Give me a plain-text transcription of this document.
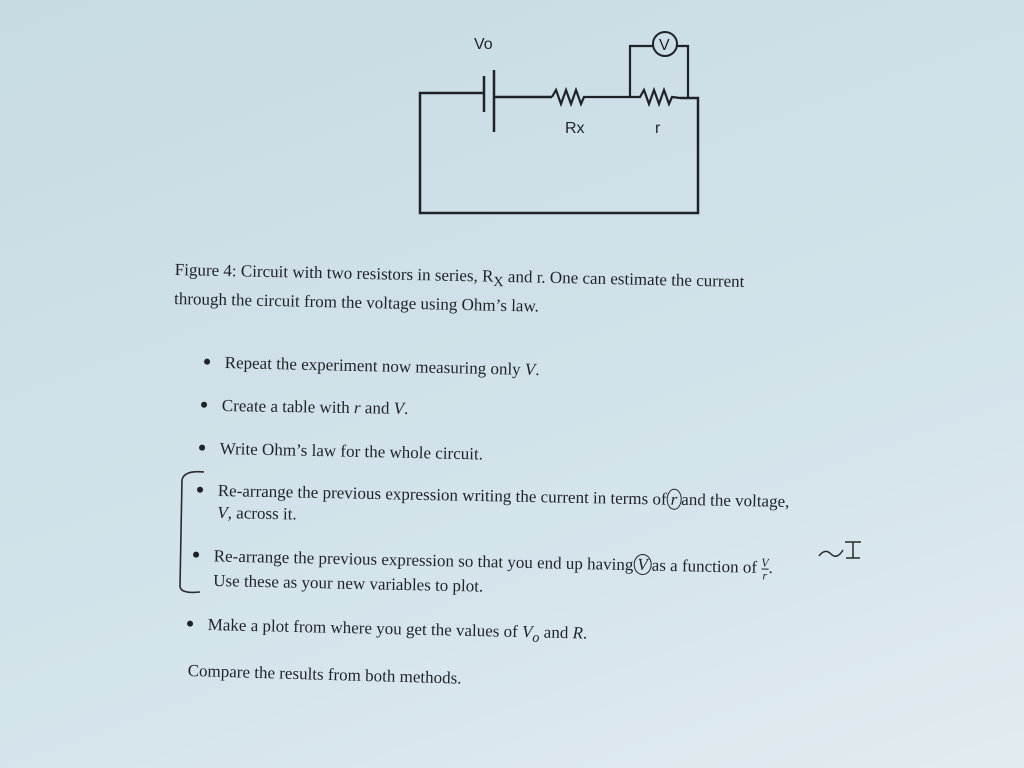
V
Vo
Rx	r
Figure 4: Circuit with two resistors in series, $R_X$ and r. One can estimate the current
through the circuit from the voltage using Ohm’s law.
● Repeat the experiment now measuring only V.
● Create a table with r and V.
● Write Ohm’s law for the whole circuit.
● Re-arrange the previous expression writing the current in terms of r and the voltage,
V, across it.
● Re-arrange the previous expression so that you end up having V as a function of $\frac{V}{r}$ .
Use these as your new variables to plot.
● Make a plot from where you get the values of $V_o$ and R.
Compare the results from both methods.
